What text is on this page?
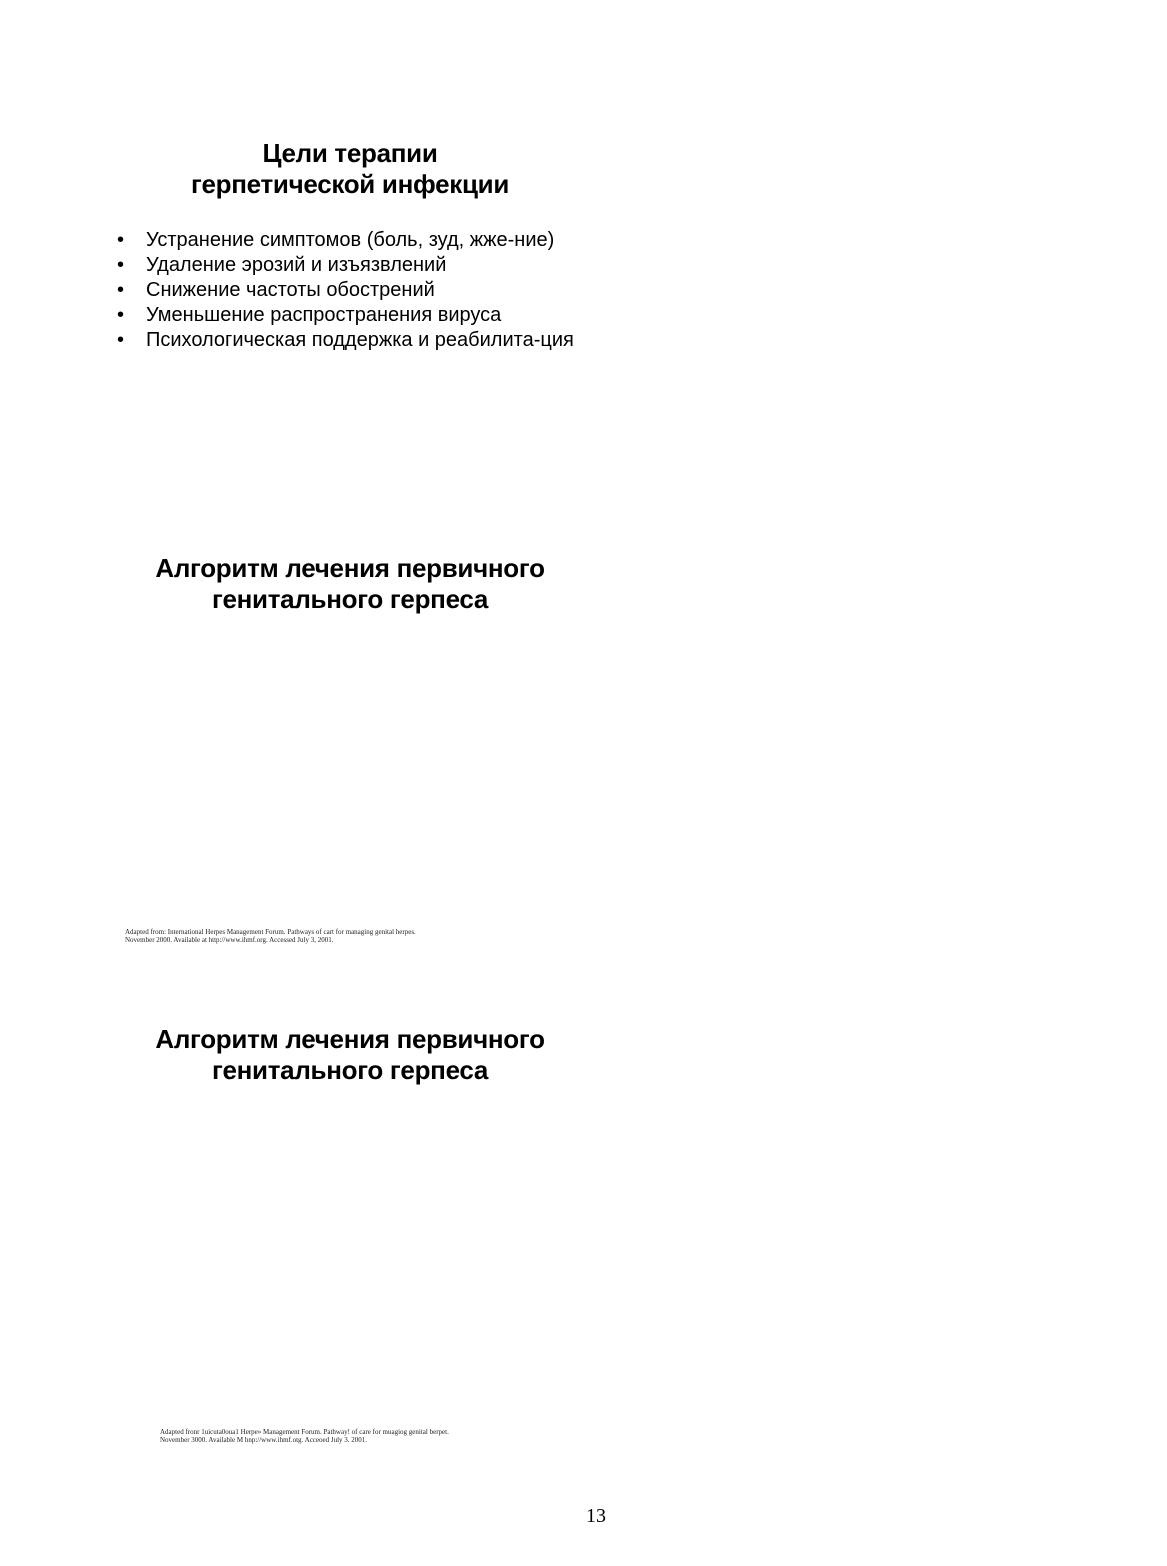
Цели терапии
герпетической инфекции
• Устранение симптомов (боль, зуд, жже-ние)
• Удаление эрозий и изъязвлений
• Снижение частоты обострений
• Уменьшение распространения вируса
• Психологическая поддержка и реабилита-ция
Алгоритм лечения первичного
генитального герпеса

Adapted from: International Herpes Management Forum. Pathways of cart for managing genital herpes.
November 2000. Available at http://www.ihmf.org. Accessed July 3, 2001.

Алгоритм лечения первичного
генитального герпеса

Adapted fronr 1uicuta0oua1 Herpe» Management Forum. Pathway! of care for muagiog genital berpet.
November 3000. Available M hnp://www.ihmf.otg. Acceoed July 3. 2001.

13
